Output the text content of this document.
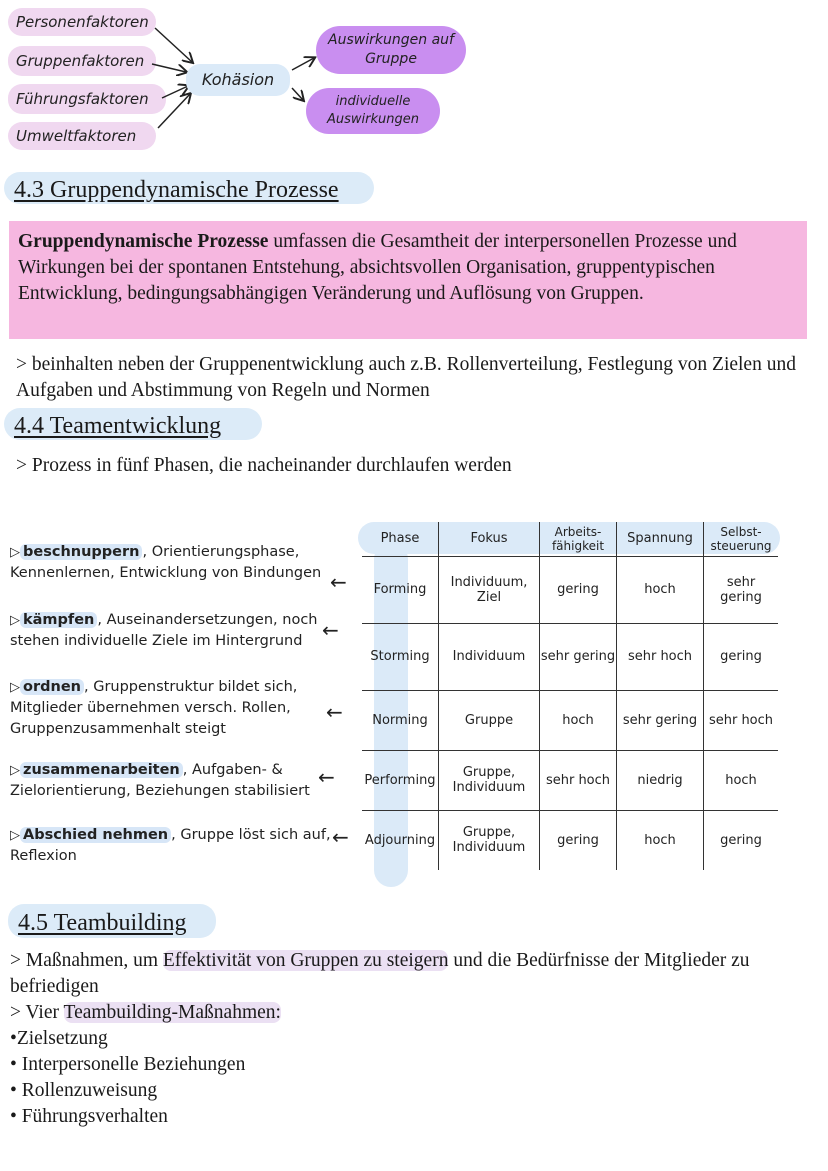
Personenfaktoren
Gruppenfaktoren
Führungsfaktoren
Umweltfaktoren
Kohäsion
Auswirkungen auf Gruppe
individuelle Auswirkungen
4.3 Gruppendynamische Prozesse
Gruppendynamische Prozesse umfassen die Gesamtheit der interpersonellen Prozesse und Wirkungen bei der spontanen Entstehung, absichtsvollen Organisation, gruppentypischen Entwicklung, bedingungsabhängigen Veränderung und Auflösung von Gruppen.
> beinhalten neben der Gruppenentwicklung auch z.B. Rollenverteilung, Festlegung von Zielen und Aufgaben und Abstimmung von Regeln und Normen
4.4 Teamentwicklung
> Prozess in fünf Phasen, die nacheinander durchlaufen werden
▷ beschnuppern , Orientierungsphase, Kennenlernen, Entwicklung von Bindungen
▷ kämpfen , Auseinandersetzungen, noch stehen individuelle Ziele im Hintergrund
▷ ordnen , Gruppenstruktur bildet sich, Mitglieder übernehmen versch. Rollen, Gruppenzusammenhalt steigt
▷ zusammenarbeiten , Aufgaben- & Zielorientierung, Beziehungen stabilisiert
▷ Abschied nehmen , Gruppe löst sich auf, Reflexion
←
←
←
←
←
Phase	Fokus	Arbeits-fähigkeit	Spannung	Selbst-steuerung
Forming	Individuum, Ziel	gering	hoch	sehr gering
Storming	Individuum	sehr gering	sehr hoch	gering
Norming	Gruppe	hoch	sehr gering	sehr hoch
Performing	Gruppe, Individuum	sehr hoch	niedrig	hoch
Adjourning	Gruppe, Individuum	gering	hoch	gering
4.5 Teambuilding
> Maßnahmen, um Effektivität von Gruppen zu steigern und die Bedürfnisse der Mitglieder zu befriedigen
> Vier Teambuilding-Maßnahmen:
•Zielsetzung
• Interpersonelle Beziehungen
• Rollenzuweisung
• Führungsverhalten
